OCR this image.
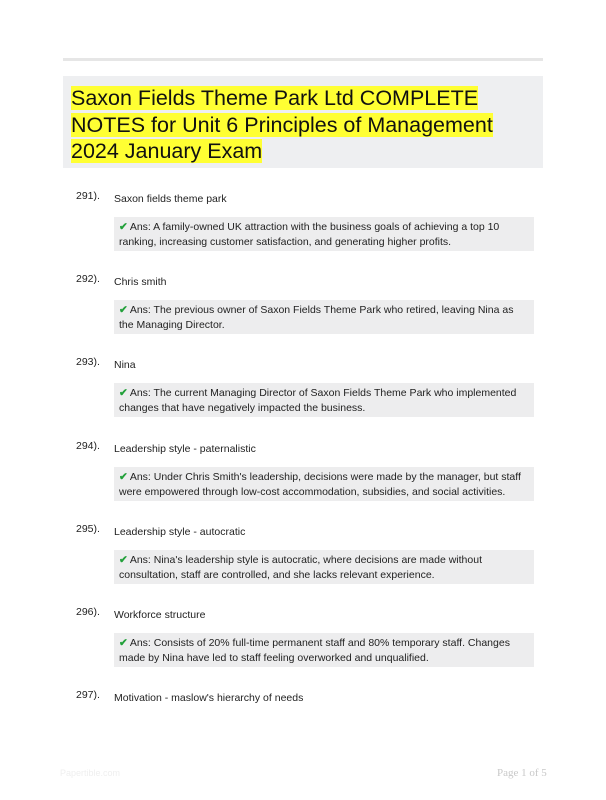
Saxon Fields Theme Park Ltd COMPLETE NOTES for Unit 6 Principles of Management 2024 January Exam
291). Saxon fields theme park
✔ Ans: A family-owned UK attraction with the business goals of achieving a top 10 ranking, increasing customer satisfaction, and generating higher profits.
292). Chris smith
✔ Ans: The previous owner of Saxon Fields Theme Park who retired, leaving Nina as the Managing Director.
293). Nina
✔ Ans: The current Managing Director of Saxon Fields Theme Park who implemented changes that have negatively impacted the business.
294). Leadership style - paternalistic
✔ Ans: Under Chris Smith's leadership, decisions were made by the manager, but staff were empowered through low-cost accommodation, subsidies, and social activities.
295). Leadership style - autocratic
✔ Ans: Nina's leadership style is autocratic, where decisions are made without consultation, staff are controlled, and she lacks relevant experience.
296). Workforce structure
✔ Ans: Consists of 20% full-time permanent staff and 80% temporary staff. Changes made by Nina have led to staff feeling overworked and unqualified.
297). Motivation - maslow's hierarchy of needs
Papertible.com	Page 1 of 5
